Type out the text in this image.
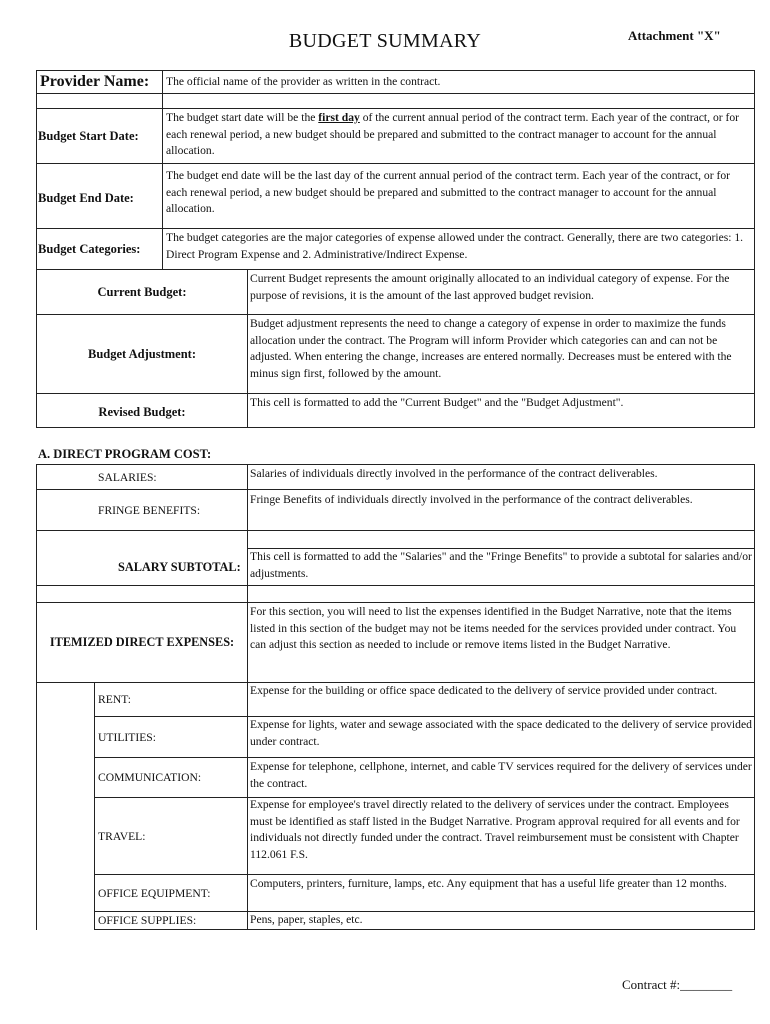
BUDGET SUMMARY	Attachment "X"
Provider Name: The official name of the provider as written in the contract.
Budget Start Date:
The budget start date will be the first day of the current annual period of the contract term. Each year of the contract, or for each renewal period, a new budget should be prepared and submitted to the contract manager to account for the annual allocation.
Budget End Date:
The budget end date will be the last day of the current annual period of the contract term. Each year of the contract, or for each renewal period, a new budget should be prepared and submitted to the contract manager to account for the annual allocation.
Budget Categories:
The budget categories are the major categories of expense allowed under the contract. Generally, there are two categories: 1. Direct Program Expense and 2. Administrative/Indirect Expense.
Current Budget:
Current Budget represents the amount originally allocated to an individual category of expense. For the purpose of revisions, it is the amount of the last approved budget revision.
Budget Adjustment:
Budget adjustment represents the need to change a category of expense in order to maximize the funds allocation under the contract. The Program will inform Provider which categories can and can not be adjusted. When entering the change, increases are entered normally. Decreases must be entered with the minus sign first, followed by the amount.
Revised Budget:
This cell is formatted to add the "Current Budget" and the "Budget Adjustment".
A. DIRECT PROGRAM COST:
SALARIES:	Salaries of individuals directly involved in the performance of the contract deliverables.
FRINGE BENEFITS:
Fringe Benefits of individuals directly involved in the performance of the contract deliverables.
SALARY SUBTOTAL:
This cell is formatted to add the "Salaries" and the "Fringe Benefits" to provide a subtotal for salaries and/or adjustments.
ITEMIZED DIRECT EXPENSES:
For this section, you will need to list the expenses identified in the Budget Narrative, note that the items listed in this section of the budget may not be items needed for the services provided under contract. You can adjust this section as needed to include or remove items listed in the Budget Narrative.
RENT:
Expense for the building or office space dedicated to the delivery of service provided under contract.
UTILITIES:
Expense for lights, water and sewage associated with the space dedicated to the delivery of service provided under contract.
COMMUNICATION:
Expense for telephone, cellphone, internet, and cable TV services required for the delivery of services under the contract.
TRAVEL:
Expense for employee's travel directly related to the delivery of services under the contract. Employees must be identified as staff listed in the Budget Narrative. Program approval required for all events and for individuals not directly funded under the contract. Travel reimbursement must be consistent with Chapter 112.061 F.S.
OFFICE EQUIPMENT:
Computers, printers, furniture, lamps, etc. Any equipment that has a useful life greater than 12 months.
OFFICE SUPPLIES:	Pens, paper, staples, etc.
Contract #:________
